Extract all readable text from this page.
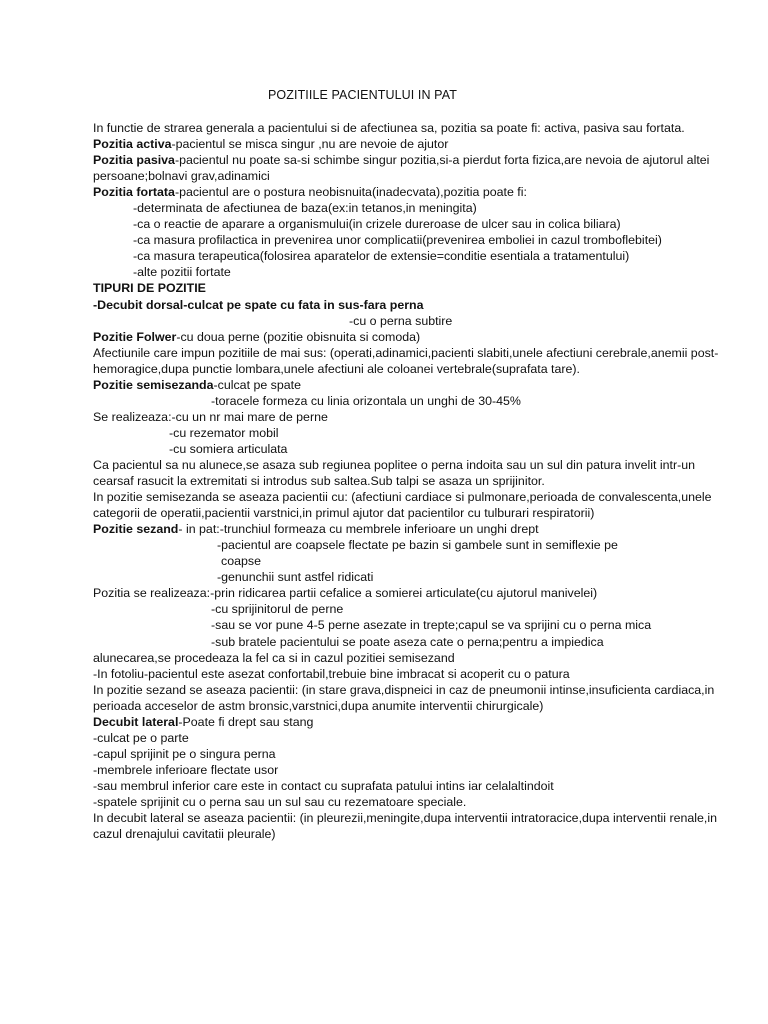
POZITIILE PACIENTULUI IN PAT

In functie de strarea generala a pacientului si de afectiunea sa, pozitia sa poate fi: activa, pasiva sau fortata.

Pozitia activa-pacientul se misca singur ,nu are nevoie de ajutor

Pozitia pasiva-pacientul nu poate sa-si schimbe singur pozitia,si-a pierdut forta fizica,are nevoia de ajutorul altei persoane;bolnavi grav,adinamici

Pozitia fortata-pacientul are o postura neobisnuita(inadecvata),pozitia poate fi:

-determinata de afectiunea de baza(ex:in tetanos,in meningita)

-ca o reactie de aparare a organismului(in crizele dureroase de ulcer sau in colica biliara)

-ca masura profilactica in prevenirea unor complicatii(prevenirea emboliei in cazul tromboflebitei)

-ca masura terapeutica(folosirea aparatelor de extensie=conditie esentiala a tratamentului)

-alte pozitii fortate

TIPURI DE POZITIE

-Decubit dorsal-culcat pe spate cu fata in sus-fara perna

-cu o perna subtire

Pozitie Folwer-cu doua perne (pozitie obisnuita si comoda)

Afectiunile care impun pozitiile de mai sus: (operati,adinamici,pacienti slabiti,unele afectiuni cerebrale,anemii post-hemoragice,dupa punctie lombara,unele afectiuni ale coloanei vertebrale(suprafata tare).

Pozitie semisezanda-culcat pe spate

-toracele formeza cu linia orizontala un unghi de 30-45%

Se realizeaza:-cu un nr mai mare de perne

-cu rezemator mobil

-cu somiera articulata

Ca pacientul sa nu alunece,se asaza sub regiunea poplitee o perna indoita sau un sul din patura invelit intr-un cearsaf rasucit la extremitati si introdus sub saltea.Sub talpi se asaza un sprijinitor.

In pozitie semisezanda se aseaza pacientii cu: (afectiuni cardiace si pulmonare,perioada de convalescenta,unele categorii de operatii,pacientii varstnici,in primul ajutor dat pacientilor cu tulburari respiratorii)

Pozitie sezand- in pat:-trunchiul formeaza cu membrele inferioare un unghi drept

-pacientul are coapsele flectate pe bazin si gambele sunt in semiflexie pe

coapse

-genunchii sunt astfel ridicati

Pozitia se realizeaza:-prin ridicarea partii cefalice a somierei articulate(cu ajutorul manivelei)

-cu sprijinitorul de perne

-sau se vor pune 4-5 perne asezate in trepte;capul se va sprijini cu o perna mica

-sub bratele pacientului se poate aseza cate o perna;pentru a impiedica

alunecarea,se procedeaza la fel ca si in cazul pozitiei semisezand

-In fotoliu-pacientul este asezat confortabil,trebuie bine imbracat si acoperit cu o patura

In pozitie sezand se aseaza pacientii: (in stare grava,dispneici in caz de pneumonii intinse,insuficienta cardiaca,in perioada acceselor de astm bronsic,varstnici,dupa anumite interventii chirurgicale)

Decubit lateral-Poate fi drept sau stang

-culcat pe o parte

-capul sprijinit pe o singura perna

-membrele inferioare flectate usor

-sau membrul inferior care este in contact cu suprafata patului intins iar celalaltindoit

-spatele sprijinit cu o perna sau un sul sau cu rezematoare speciale.

In decubit lateral se aseaza pacientii: (in pleurezii,meningite,dupa interventii intratoracice,dupa interventii renale,in cazul drenajului cavitatii pleurale)
